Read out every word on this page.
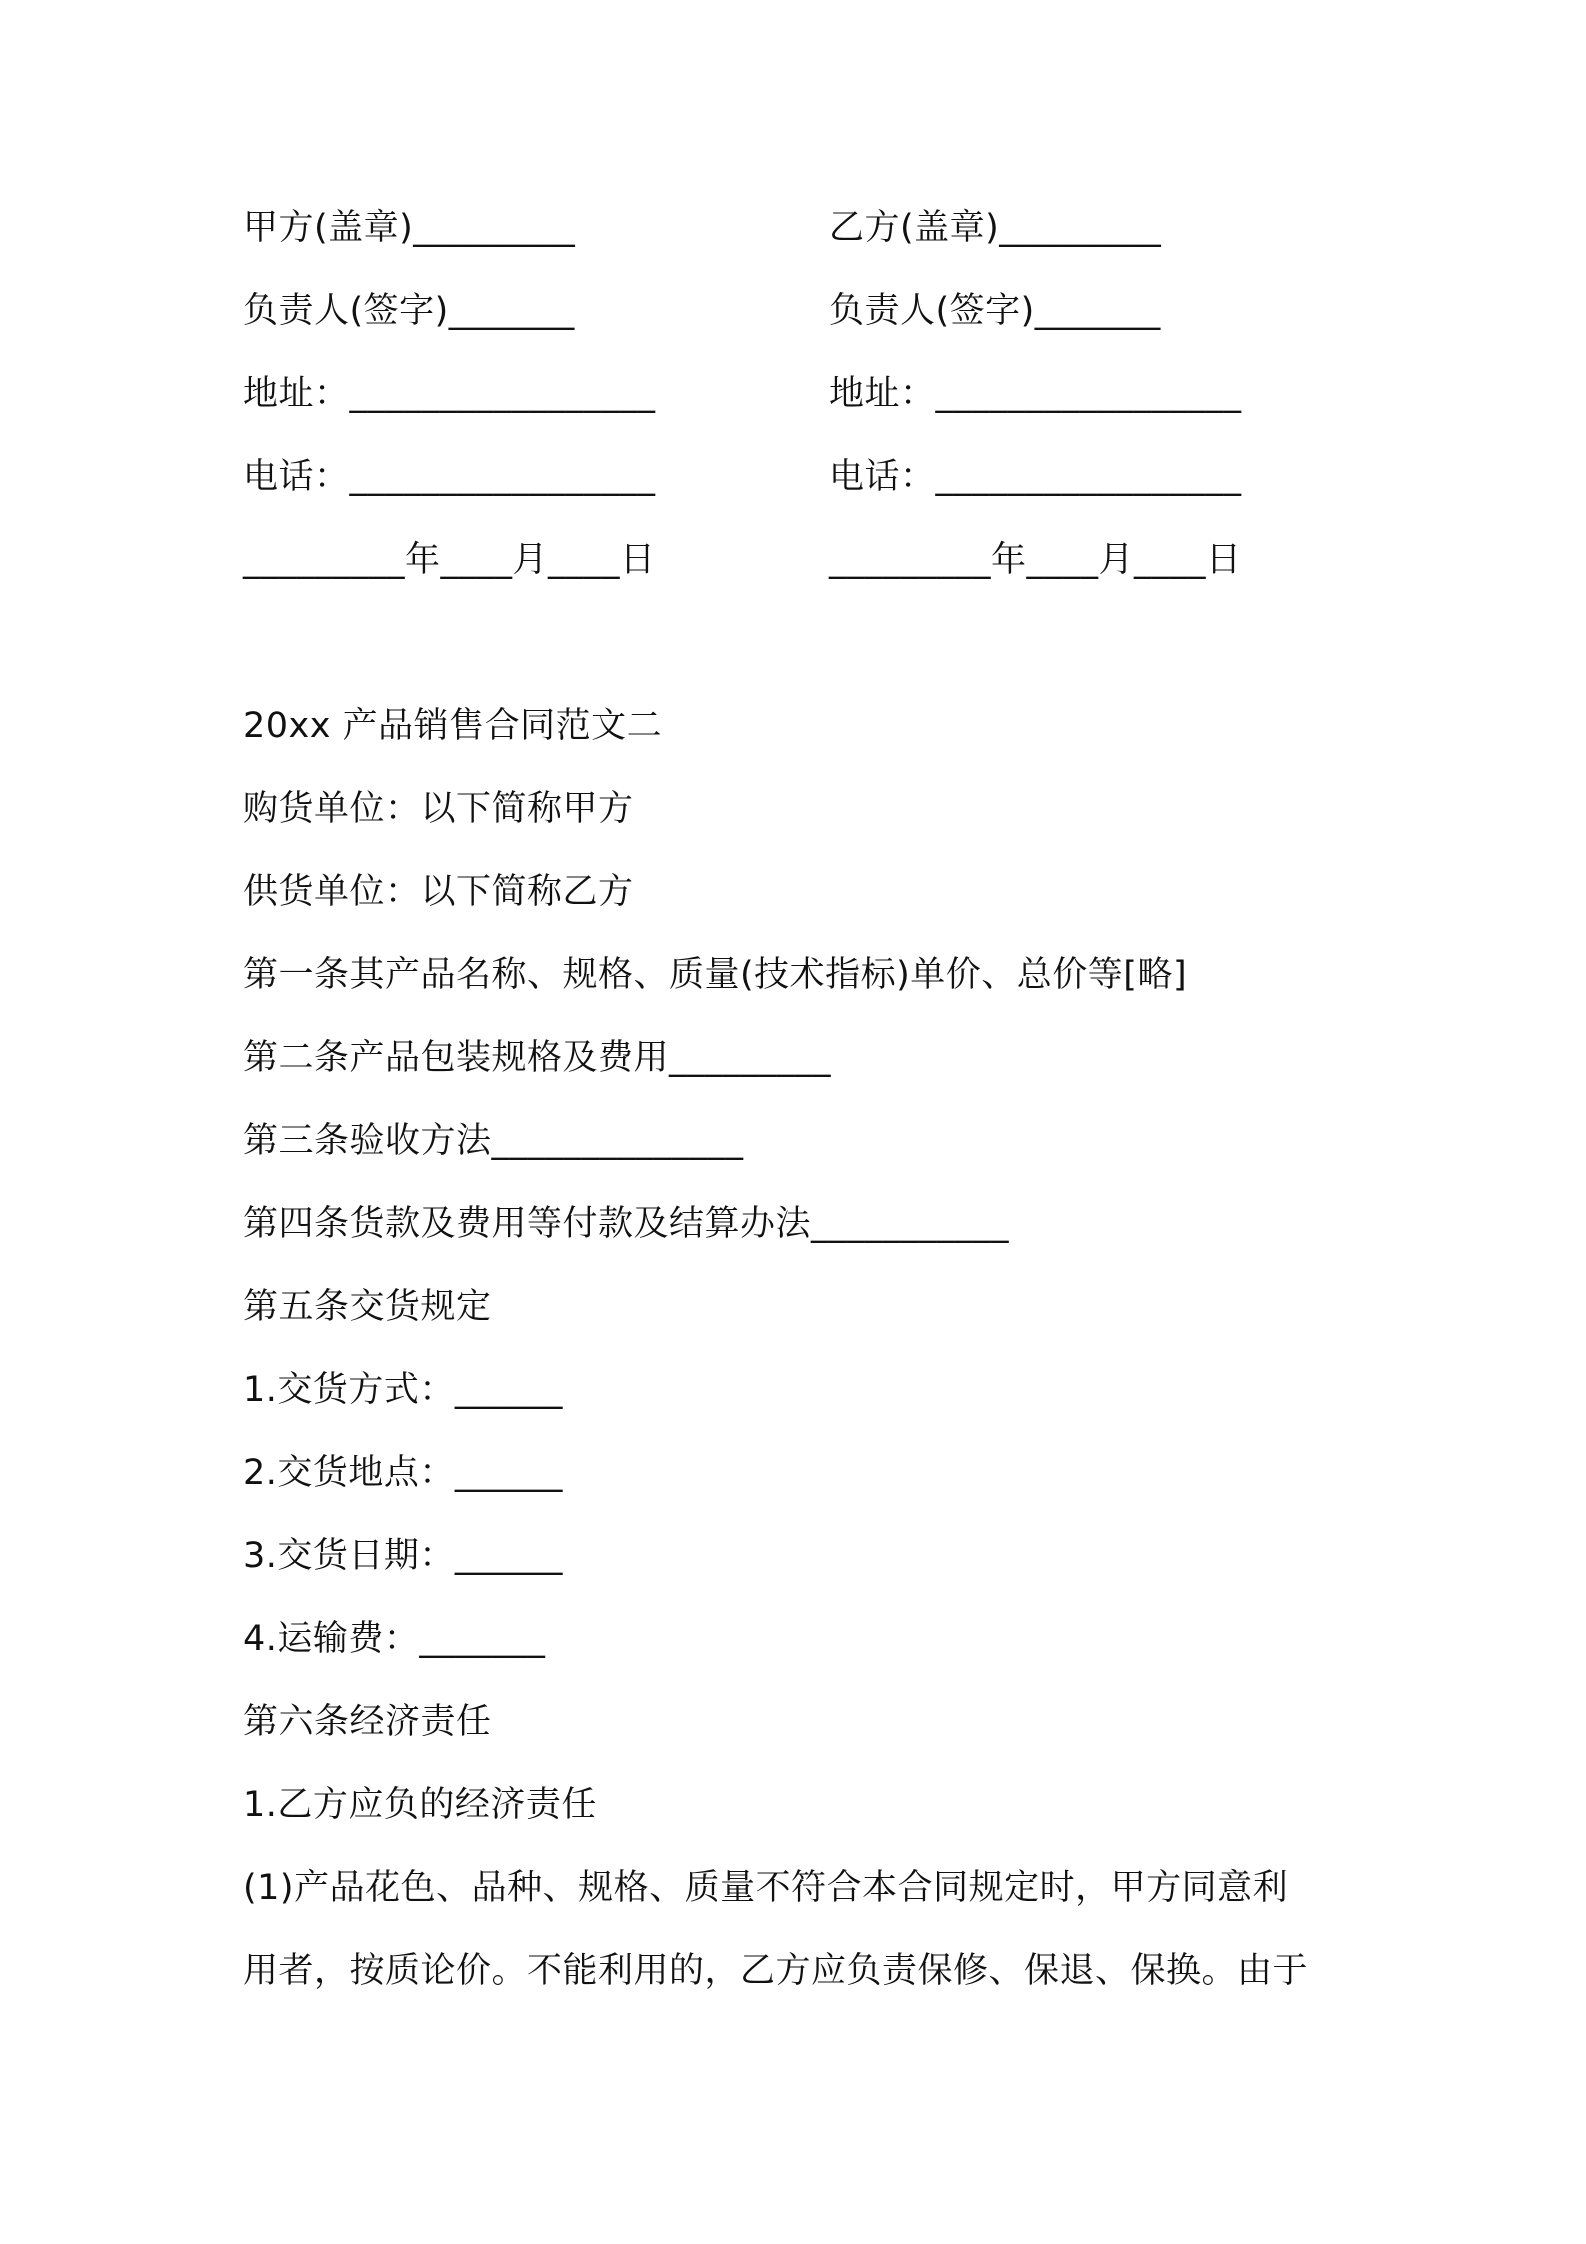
甲方(盖章)_________
负责人(签字)_______
地址：_________________
电话：_________________
_________年____月____日
乙方(盖章)_________
负责人(签字)_______
地址：_________________
电话：_________________
_________年____月____日
20xx 产品销售合同范文二
购货单位：以下简称甲方
供货单位：以下简称乙方
第一条其产品名称、规格、质量(技术指标)单价、总价等[略]
第二条产品包装规格及费用_________
第三条验收方法______________
第四条货款及费用等付款及结算办法___________
第五条交货规定
1.交货方式：______
2.交货地点：______
3.交货日期：______
4.运输费：_______
第六条经济责任
1.乙方应负的经济责任
(1)产品花色、品种、规格、质量不符合本合同规定时，甲方同意利
用者，按质论价。不能利用的，乙方应负责保修、保退、保换。由于
